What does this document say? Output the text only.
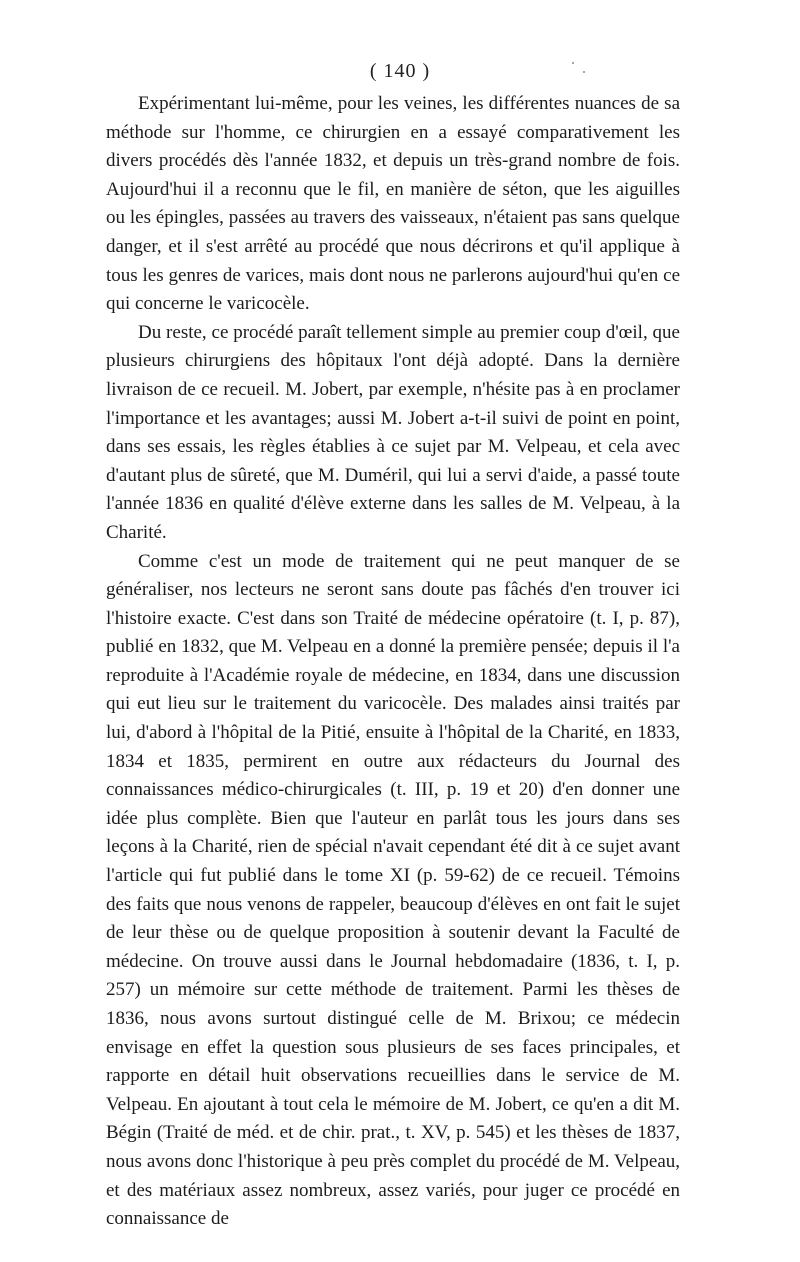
( 140 )

Expérimentant lui-même, pour les veines, les différentes nuances de sa méthode sur l'homme, ce chirurgien en a essayé comparativement les divers procédés dès l'année 1832, et depuis un très-grand nombre de fois. Aujourd'hui il a reconnu que le fil, en manière de séton, que les aiguilles ou les épingles, passées au travers des vaisseaux, n'étaient pas sans quelque danger, et il s'est arrêté au procédé que nous décrirons et qu'il applique à tous les genres de varices, mais dont nous ne parlerons aujourd'hui qu'en ce qui concerne le varicocèle.

Du reste, ce procédé paraît tellement simple au premier coup d'œil, que plusieurs chirurgiens des hôpitaux l'ont déjà adopté. Dans la dernière livraison de ce recueil. M. Jobert, par exemple, n'hésite pas à en proclamer l'importance et les avantages; aussi M. Jobert a-t-il suivi de point en point, dans ses essais, les règles établies à ce sujet par M. Velpeau, et cela avec d'autant plus de sûreté, que M. Duméril, qui lui a servi d'aide, a passé toute l'année 1836 en qualité d'élève externe dans les salles de M. Velpeau, à la Charité.

Comme c'est un mode de traitement qui ne peut manquer de se généraliser, nos lecteurs ne seront sans doute pas fâchés d'en trouver ici l'histoire exacte. C'est dans son Traité de médecine opératoire (t. I, p. 87), publié en 1832, que M. Velpeau en a donné la première pensée; depuis il l'a reproduite à l'Académie royale de médecine, en 1834, dans une discussion qui eut lieu sur le traitement du varicocèle. Des malades ainsi traités par lui, d'abord à l'hôpital de la Pitié, ensuite à l'hôpital de la Charité, en 1833, 1834 et 1835, permirent en outre aux rédacteurs du Journal des connaissances médico-chirurgicales (t. III, p. 19 et 20) d'en donner une idée plus complète. Bien que l'auteur en parlât tous les jours dans ses leçons à la Charité, rien de spécial n'avait cependant été dit à ce sujet avant l'article qui fut publié dans le tome XI (p. 59-62) de ce recueil. Témoins des faits que nous venons de rappeler, beaucoup d'élèves en ont fait le sujet de leur thèse ou de quelque proposition à soutenir devant la Faculté de médecine. On trouve aussi dans le Journal hebdomadaire (1836, t. I, p. 257) un mémoire sur cette méthode de traitement. Parmi les thèses de 1836, nous avons surtout distingué celle de M. Brixou; ce médecin envisage en effet la question sous plusieurs de ses faces principales, et rapporte en détail huit observations recueillies dans le service de M. Velpeau. En ajoutant à tout cela le mémoire de M. Jobert, ce qu'en a dit M. Bégin (Traité de méd. et de chir. prat., t. XV, p. 545) et les thèses de 1837, nous avons donc l'historique à peu près complet du procédé de M. Velpeau, et des matériaux assez nombreux, assez variés, pour juger ce procédé en connaissance de
